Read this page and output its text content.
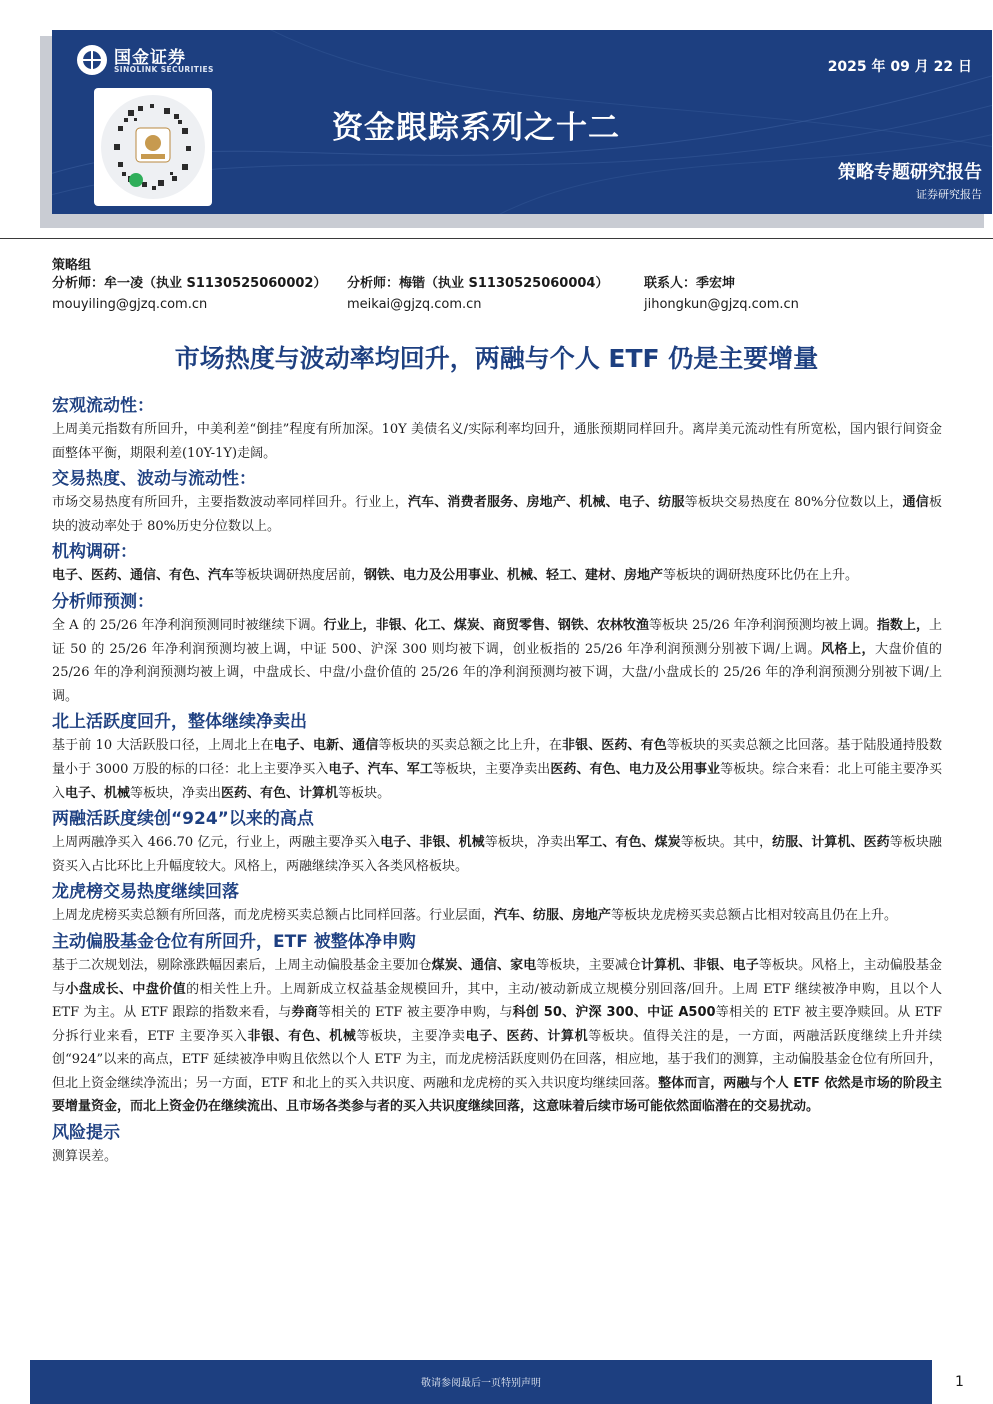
国金证券
SINOLINK SECURITIES	2025 年 09 月 22 日
资金跟踪系列之十二
策略专题研究报告
证券研究报告
策略组
分析师：牟一凌（执业 S1130525060002）
mouyiling@gjzq.com.cn
分析师：梅锴（执业 S1130525060004）
meikai@gjzq.com.cn
联系人：季宏坤
jihongkun@gjzq.com.cn
市场热度与波动率均回升，两融与个人 ETF 仍是主要增量
宏观流动性：
上周美元指数有所回升，中美利差“倒挂”程度有所加深。10Y 美债名义/实际利率均回升，通胀预期同样回升。离岸美元流动性有所宽松，国内银行间资金面整体平衡，期限利差(10Y-1Y)走阔。
交易热度、波动与流动性：
市场交易热度有所回升，主要指数波动率同样回升。行业上，汽车、消费者服务、房地产、机械、电子、纺服等板块交易热度在 80%分位数以上，通信板块的波动率处于 80%历史分位数以上。
机构调研：
电子、医药、通信、有色、汽车等板块调研热度居前，钢铁、电力及公用事业、机械、轻工、建材、房地产等板块的调研热度环比仍在上升。
分析师预测：
全 A 的 25/26 年净利润预测同时被继续下调。行业上，非银、化工、煤炭、商贸零售、钢铁、农林牧渔等板块 25/26 年净利润预测均被上调。指数上，上证 50 的 25/26 年净利润预测均被上调，中证 500、沪深 300 则均被下调，创业板指的 25/26 年净利润预测分别被下调/上调。风格上，大盘价值的 25/26 年的净利润预测均被上调，中盘成长、中盘/小盘价值的 25/26 年的净利润预测均被下调，大盘/小盘成长的 25/26 年的净利润预测分别被下调/上调。
北上活跃度回升，整体继续净卖出
基于前 10 大活跃股口径，上周北上在电子、电新、通信等板块的买卖总额之比上升，在非银、医药、有色等板块的买卖总额之比回落。基于陆股通持股数量小于 3000 万股的标的口径：北上主要净买入电子、汽车、军工等板块，主要净卖出医药、有色、电力及公用事业等板块。综合来看：北上可能主要净买入电子、机械等板块，净卖出医药、有色、计算机等板块。
两融活跃度续创“924”以来的高点
上周两融净买入 466.70 亿元，行业上，两融主要净买入电子、非银、机械等板块，净卖出军工、有色、煤炭等板块。其中，纺服、计算机、医药等板块融资买入占比环比上升幅度较大。风格上，两融继续净买入各类风格板块。
龙虎榜交易热度继续回落
上周龙虎榜买卖总额有所回落，而龙虎榜买卖总额占比同样回落。行业层面，汽车、纺服、房地产等板块龙虎榜买卖总额占比相对较高且仍在上升。
主动偏股基金仓位有所回升，ETF 被整体净申购
基于二次规划法，剔除涨跌幅因素后，上周主动偏股基金主要加仓煤炭、通信、家电等板块，主要减仓计算机、非银、电子等板块。风格上，主动偏股基金与小盘成长、中盘价值的相关性上升。上周新成立权益基金规模回升，其中，主动/被动新成立规模分别回落/回升。上周 ETF 继续被净申购，且以个人 ETF 为主。从 ETF 跟踪的指数来看，与券商等相关的 ETF 被主要净申购，与科创 50、沪深 300、中证 A500等相关的 ETF 被主要净赎回。从 ETF 分拆行业来看，ETF 主要净买入非银、有色、机械等板块，主要净卖电子、医药、计算机等板块。值得关注的是，一方面，两融活跃度继续上升并续创“924”以来的高点，ETF 延续被净申购且依然以个人 ETF 为主，而龙虎榜活跃度则仍在回落，相应地，基于我们的测算，主动偏股基金仓位有所回升，但北上资金继续净流出；另一方面，ETF 和北上的买入共识度、两融和龙虎榜的买入共识度均继续回落。整体而言，两融与个人 ETF 依然是市场的阶段主要增量资金，而北上资金仍在继续流出、且市场各类参与者的买入共识度继续回落，这意味着后续市场可能依然面临潜在的交易扰动。
风险提示
测算误差。
敬请参阅最后一页特别声明	1
